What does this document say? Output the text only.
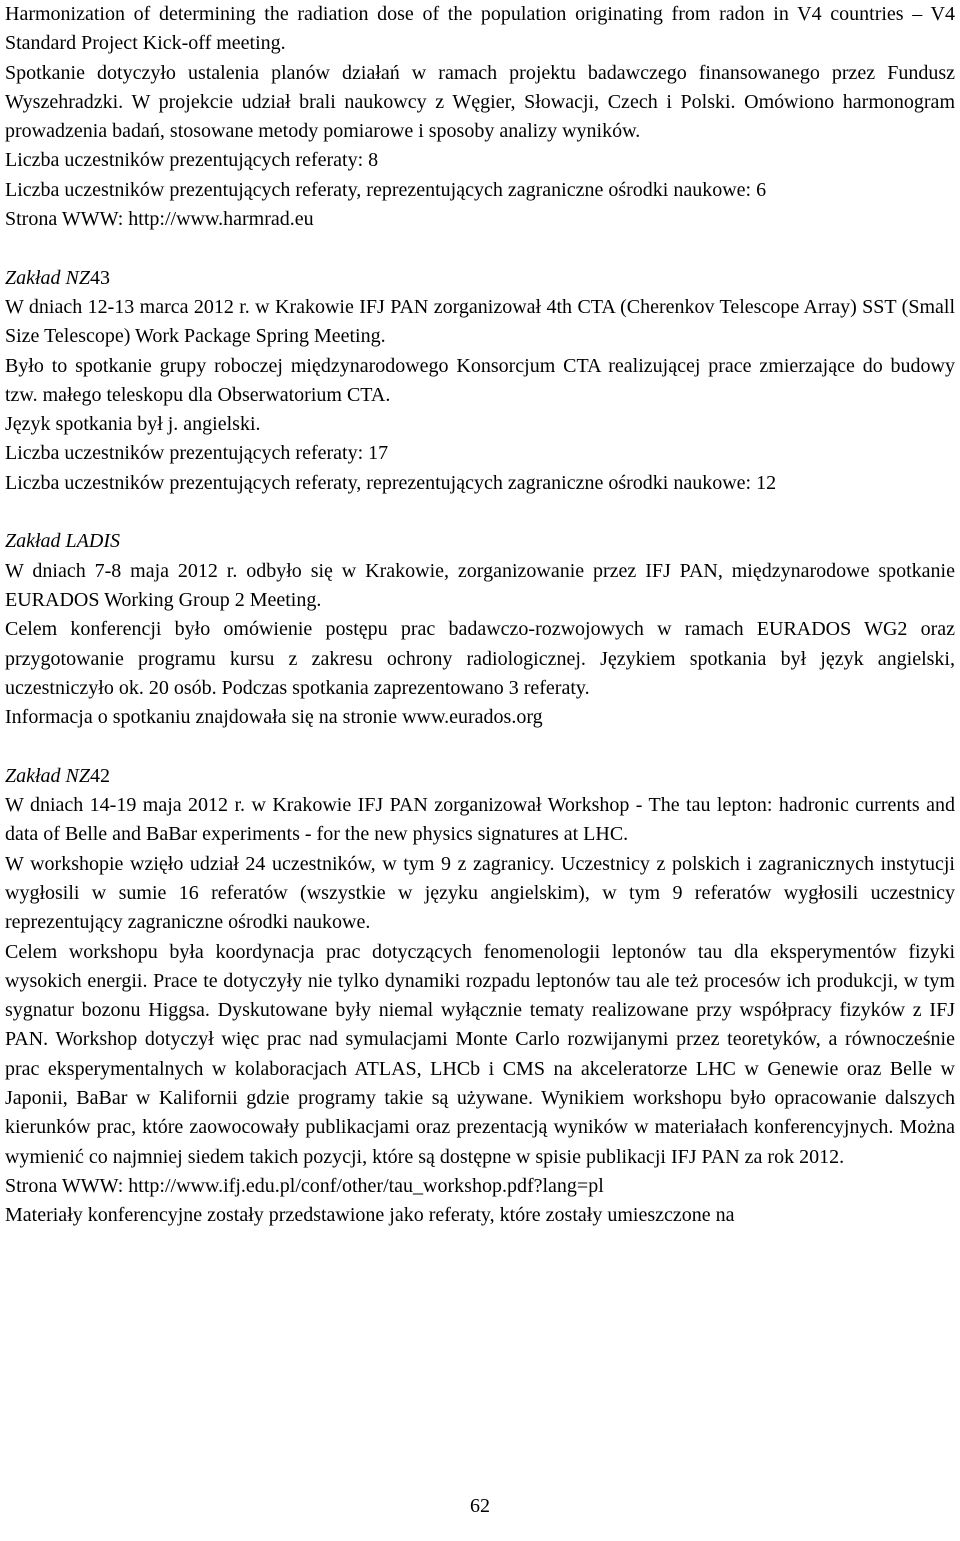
Harmonization of determining the radiation dose of the population originating from radon in V4 countries – V4 Standard Project Kick-off meeting.

Spotkanie dotyczyło ustalenia planów działań w ramach projektu badawczego finansowanego przez Fundusz Wyszehradzki. W projekcie udział brali naukowcy z Węgier, Słowacji, Czech i Polski. Omówiono harmonogram prowadzenia badań, stosowane metody pomiarowe i sposoby analizy wyników.

Liczba uczestników prezentujących referaty: 8

Liczba uczestników prezentujących referaty, reprezentujących zagraniczne ośrodki naukowe: 6

Strona WWW: http://www.harmrad.eu

Zakład NZ43

W dniach 12-13 marca 2012 r. w Krakowie IFJ PAN zorganizował 4th CTA (Cherenkov Telescope Array) SST (Small Size Telescope) Work Package Spring Meeting.

Było to spotkanie grupy roboczej międzynarodowego Konsorcjum CTA realizującej prace zmierzające do budowy tzw. małego teleskopu dla Obserwatorium CTA.

Język spotkania był j. angielski.

Liczba uczestników prezentujących referaty: 17

Liczba uczestników prezentujących referaty, reprezentujących zagraniczne ośrodki naukowe: 12

Zakład LADIS

W dniach 7-8 maja 2012 r. odbyło się w Krakowie, zorganizowanie przez IFJ PAN, międzynarodowe spotkanie EURADOS Working Group 2 Meeting.

Celem konferencji było omówienie postępu prac badawczo-rozwojowych w ramach EURADOS WG2 oraz przygotowanie programu kursu z zakresu ochrony radiologicznej. Językiem spotkania był język angielski, uczestniczyło ok. 20 osób. Podczas spotkania zaprezentowano 3 referaty.

Informacja o spotkaniu znajdowała się na stronie www.eurados.org

Zakład NZ42

W dniach 14-19 maja 2012 r. w Krakowie IFJ PAN zorganizował Workshop - The tau lepton: hadronic currents and data of Belle and BaBar experiments - for the new physics signatures at LHC.

W workshopie wzięło udział 24 uczestników, w tym 9 z zagranicy. Uczestnicy z polskich i zagranicznych instytucji wygłosili w sumie 16 referatów (wszystkie w języku angielskim), w tym 9 referatów wygłosili uczestnicy reprezentujący zagraniczne ośrodki naukowe.

Celem workshopu była koordynacja prac dotyczących fenomenologii leptonów tau dla eksperymentów fizyki wysokich energii. Prace te dotyczyły nie tylko dynamiki rozpadu leptonów tau ale też procesów ich produkcji, w tym sygnatur bozonu Higgsa. Dyskutowane były niemal wyłącznie tematy realizowane przy współpracy fizyków z IFJ PAN. Workshop dotyczył więc prac nad symulacjami Monte Carlo rozwijanymi przez teoretyków, a równocześnie prac eksperymentalnych w kolaboracjach ATLAS, LHCb i CMS na akceleratorze LHC w Genewie oraz Belle w Japonii, BaBar w Kalifornii gdzie programy takie są używane. Wynikiem workshopu było opracowanie dalszych kierunków prac, które zaowocowały publikacjami oraz prezentacją wyników w materiałach konferencyjnych. Można wymienić co najmniej siedem takich pozycji, które są dostępne w spisie publikacji IFJ PAN za rok 2012.

Strona WWW: http://www.ifj.edu.pl/conf/other/tau_workshop.pdf?lang=pl

Materiały konferencyjne zostały przedstawione jako referaty, które zostały umieszczone na

62
